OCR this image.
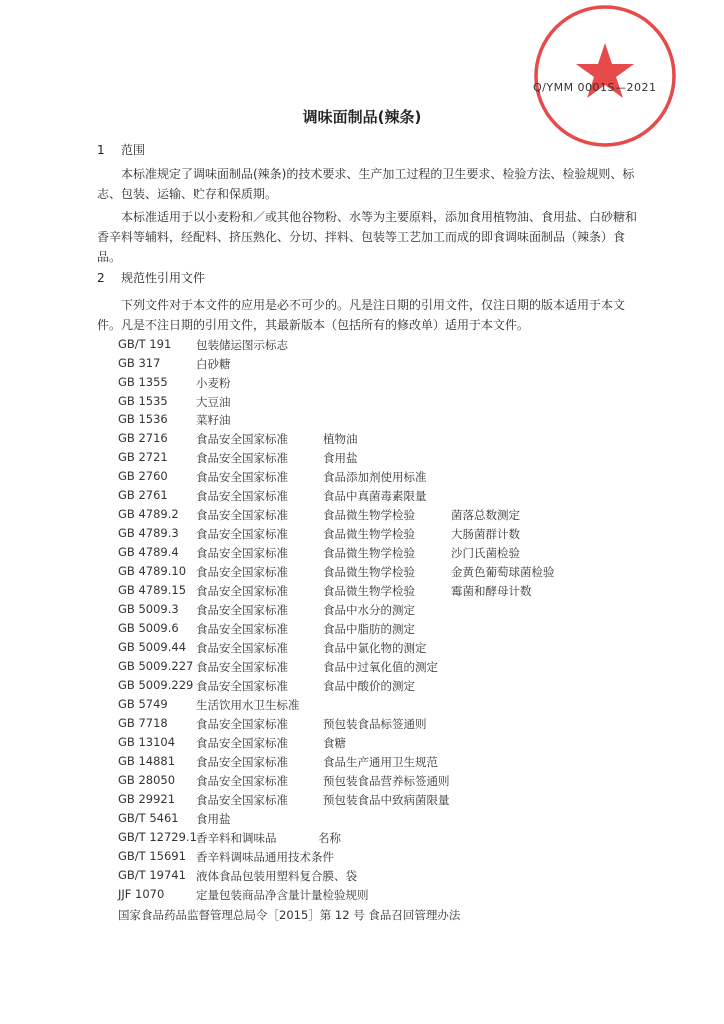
Q/YMM 0001S—2021
调味面制品(辣条)
1 范围
本标准规定了调味面制品(辣条)的技术要求、生产加工过程的卫生要求、检验方法、检验规则、标志、包装、运输、贮存和保质期。
本标准适用于以小麦粉和／或其他谷物粉、水等为主要原料，添加食用植物油、食用盐、白砂糖和香辛料等辅料，经配料、挤压熟化、分切、拌料、包装等工艺加工而成的即食调味面制品（辣条）食品。
2 规范性引用文件
下列文件对于本文件的应用是必不可少的。凡是注日期的引用文件，仅注日期的版本适用于本文件。凡是不注日期的引用文件，其最新版本（包括所有的修改单）适用于本文件。
GB/T 191 包装储运图示标志
GB 317	白砂糖
GB 1355 小麦粉
GB 1535 大豆油
GB 1536 菜籽油
GB 2716 食品安全国家标准	植物油
GB 2721 食品安全国家标准	食用盐
GB 2760 食品安全国家标准	食品添加剂使用标准
GB 2761 食品安全国家标准	食品中真菌毒素限量
GB 4789.2 食品安全国家标准	食品微生物学检验	菌落总数测定
GB 4789.3 食品安全国家标准	食品微生物学检验	大肠菌群计数
GB 4789.4 食品安全国家标准	食品微生物学检验	沙门氏菌检验
GB 4789.10 食品安全国家标准	食品微生物学检验	金黄色葡萄球菌检验
GB 4789.15 食品安全国家标准	食品微生物学检验	霉菌和酵母计数
GB 5009.3 食品安全国家标准	食品中水分的测定
GB 5009.6 食品安全国家标准	食品中脂肪的测定
GB 5009.44 食品安全国家标准	食品中氯化物的测定
GB 5009.227 食品安全国家标准	食品中过氧化值的测定
GB 5009.229 食品安全国家标准	食品中酸价的测定
GB 5749 生活饮用水卫生标准
GB 7718 食品安全国家标准	预包装食品标签通则
GB 13104 食品安全国家标准	食糖
GB 14881 食品安全国家标准	食品生产通用卫生规范
GB 28050 食品安全国家标准	预包装食品营养标签通则
GB 29921 食品安全国家标准	预包装食品中致病菌限量
GB/T 5461 食用盐
GB/T 12729.1 香辛料和调味品	名称
GB/T 15691 香辛料调味品通用技术条件
GB/T 19741 液体食品包装用塑料复合膜、袋
JJF 1070	定量包装商品净含量计量检验规则
国家食品药品监督管理总局令［2015］第 12 号 食品召回管理办法
